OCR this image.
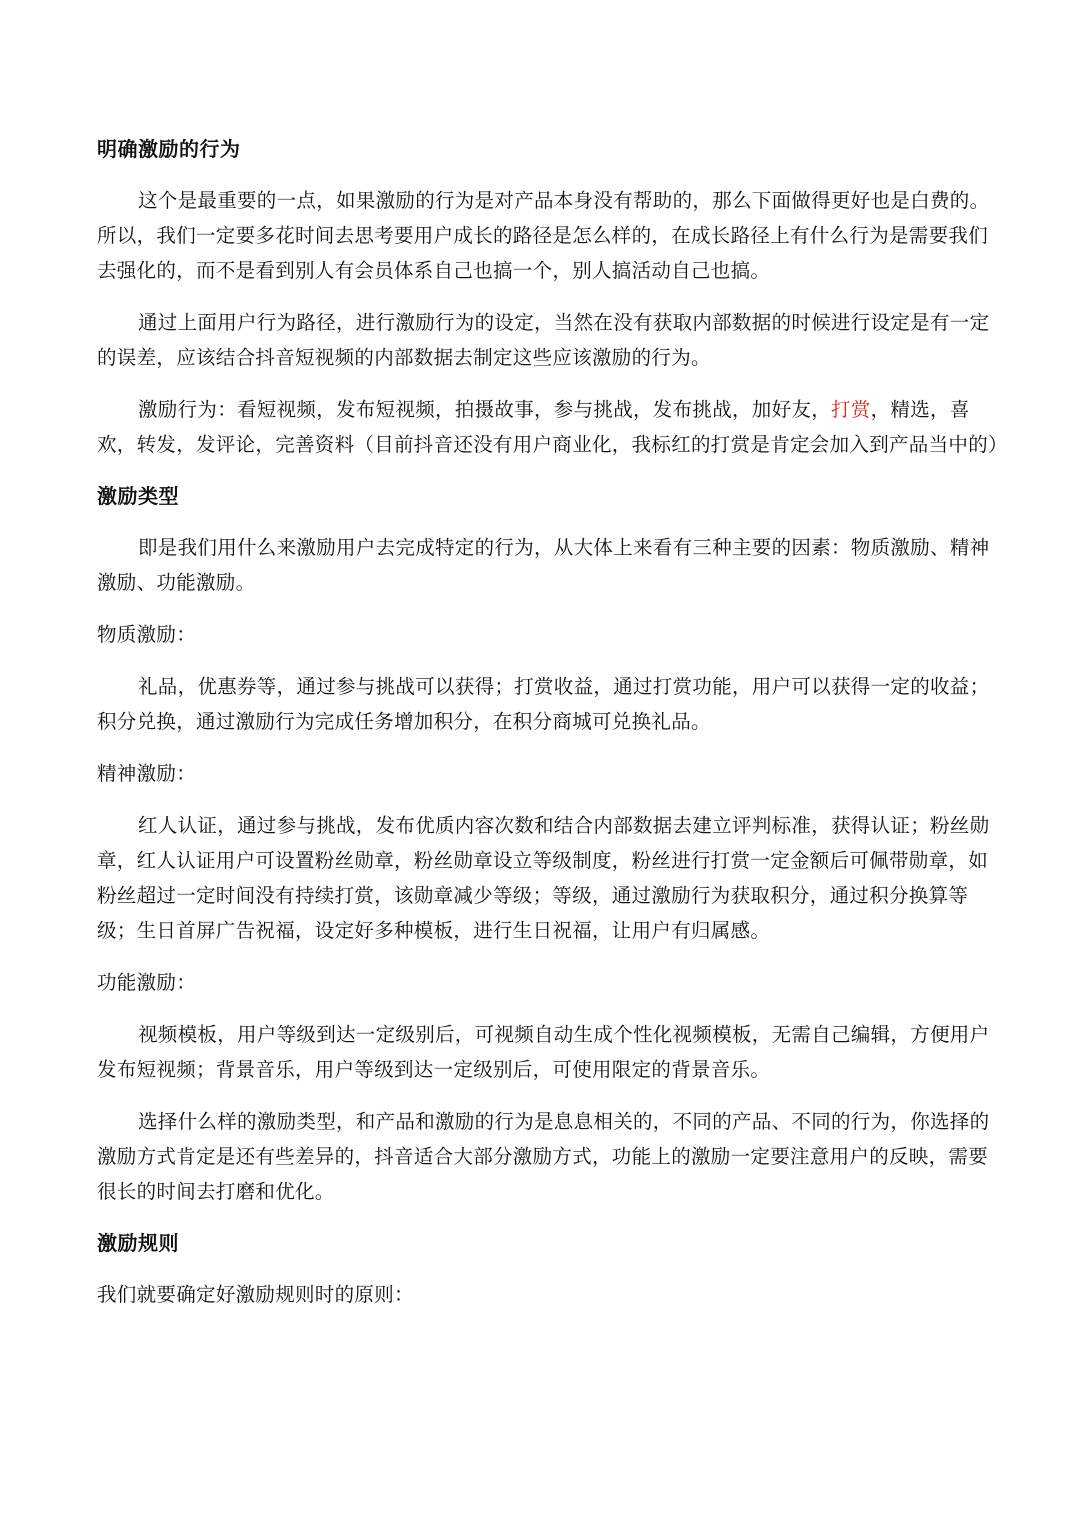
明确激励的行为

这个是最重要的一点，如果激励的行为是对产品本身没有帮助的，那么下面做得更好也是白费的。所以，我们一定要多花时间去思考要用户成长的路径是怎么样的，在成长路径上有什么行为是需要我们去强化的，而不是看到别人有会员体系自己也搞一个，别人搞活动自己也搞。

通过上面用户行为路径，进行激励行为的设定，当然在没有获取内部数据的时候进行设定是有一定的误差，应该结合抖音短视频的内部数据去制定这些应该激励的行为。

激励行为：看短视频，发布短视频，拍摄故事，参与挑战，发布挑战，加好友，打赏，精选，喜欢，转发，发评论，完善资料（目前抖音还没有用户商业化，我标红的打赏是肯定会加入到产品当中的）

激励类型

即是我们用什么来激励用户去完成特定的行为，从大体上来看有三种主要的因素：物质激励、精神激励、功能激励。

物质激励：

礼品，优惠券等，通过参与挑战可以获得；打赏收益，通过打赏功能，用户可以获得一定的收益；积分兑换，通过激励行为完成任务增加积分，在积分商城可兑换礼品。

精神激励：

红人认证，通过参与挑战，发布优质内容次数和结合内部数据去建立评判标准，获得认证；粉丝勋章，红人认证用户可设置粉丝勋章，粉丝勋章设立等级制度，粉丝进行打赏一定金额后可佩带勋章，如粉丝超过一定时间没有持续打赏，该勋章减少等级；等级，通过激励行为获取积分，通过积分换算等级；生日首屏广告祝福，设定好多种模板，进行生日祝福，让用户有归属感。

功能激励：

视频模板，用户等级到达一定级别后，可视频自动生成个性化视频模板，无需自己编辑，方便用户发布短视频；背景音乐，用户等级到达一定级别后，可使用限定的背景音乐。

选择什么样的激励类型，和产品和激励的行为是息息相关的，不同的产品、不同的行为，你选择的激励方式肯定是还有些差异的，抖音适合大部分激励方式，功能上的激励一定要注意用户的反映，需要很长的时间去打磨和优化。

激励规则

我们就要确定好激励规则时的原则：
